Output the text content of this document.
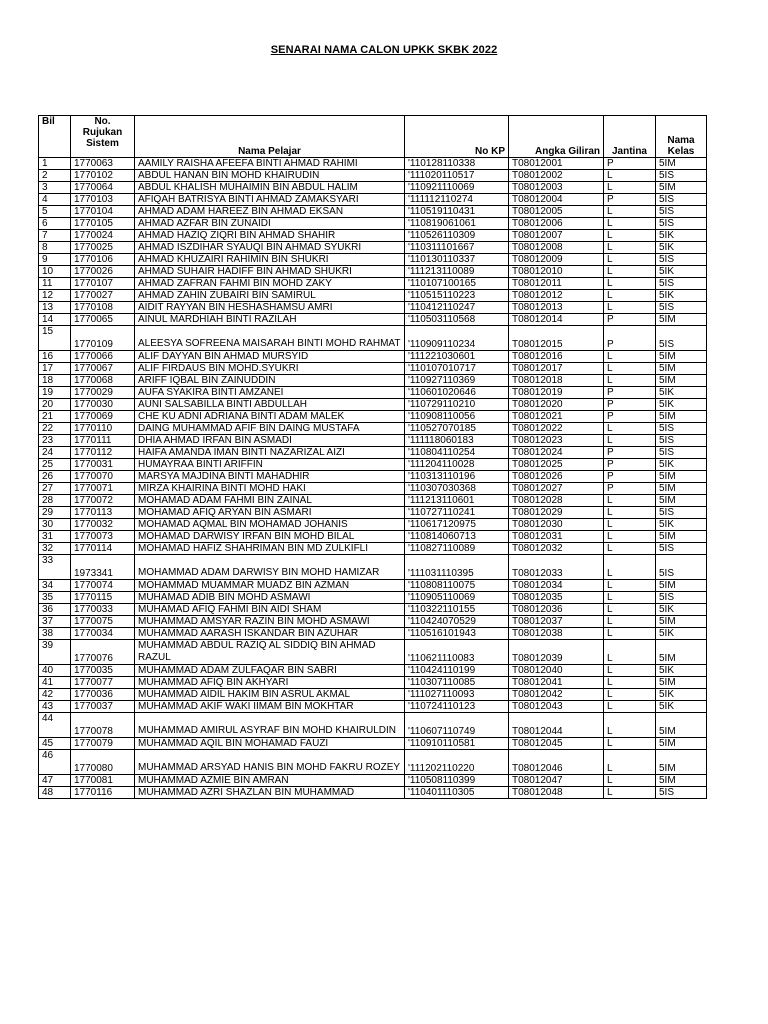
SENARAI NAMA CALON UPKK SKBK 2022
Bil	No.
Rujukan
Sistem	Nama Pelajar	No KP	Angka Giliran	Jantina	Nama
Kelas

1	1770063	AAMILY RAISHA AFEEFA BINTI AHMAD RAHIMI	'110128110338	T08012001	P	5IM
2	1770102	ABDUL HANAN BIN MOHD KHAIRUDIN	'111020110517	T08012002	L	5IS
3	1770064	ABDUL KHALISH MUHAIMIN BIN ABDUL HALIM	'110921110069	T08012003	L	5IM
4	1770103	AFIQAH BATRISYA BINTI AHMAD ZAMAKSYARI	'111112110274	T08012004	P	5IS
5	1770104	AHMAD ADAM HAREEZ BIN AHMAD EKSAN	'110519110431	T08012005	L	5IS
6	1770105	AHMAD AZFAR BIN ZUNAIDI	'110819061061	T08012006	L	5IS
7	1770024	AHMAD HAZIQ ZIQRI BIN AHMAD SHAHIR	'110526110309	T08012007	L	5IK
8	1770025	AHMAD ISZDIHAR SYAUQI BIN AHMAD SYUKRI	'110311101667	T08012008	L	5IK
9	1770106	AHMAD KHUZAIRI RAHIMIN BIN SHUKRI	'110130110337	T08012009	L	5IS
10	1770026	AHMAD SUHAIR HADIFF BIN AHMAD SHUKRI	'111213110089	T08012010	L	5IK
11	1770107	AHMAD ZAFRAN FAHMI BIN MOHD ZAKY	'110107100165	T08012011	L	5IS
12	1770027	AHMAD ZAHIN ZUBAIRI BIN SAMIRUL	'110515110223	T08012012	L	5IK
13	1770108	AIDIT RAYYAN BIN HESHASHAMSU AMRI	'110412110247	T08012013	L	5IS
14	1770065	AINUL MARDHIAH BINTI RAZILAH	'110503110568	T08012014	P	5IM
15	1770109	ALEESYA SOFREENA MAISARAH BINTI MOHD RAHMAT	'110909110234	T08012015	P	5IS
16	1770066	ALIF DAYYAN BIN AHMAD MURSYID	'111221030601	T08012016	L	5IM
17	1770067	ALIF FIRDAUS BIN MOHD.SYUKRI	'110107010717	T08012017	L	5IM
18	1770068	ARIFF IQBAL BIN ZAINUDDIN	'110927110369	T08012018	L	5IM
19	1770029	AUFA SYAKIRA BINTI AMZANEI	'110601020646	T08012019	P	5IK
20	1770030	AUNI SALSABILLA BINTI ABDULLAH	'110729110210	T08012020	P	5IK
21	1770069	CHE KU ADNI ADRIANA BINTI ADAM MALEK	'110908110056	T08012021	P	5IM
22	1770110	DAING MUHAMMAD AFIF BIN DAING MUSTAFA	'110527070185	T08012022	L	5IS
23	1770111	DHIA AHMAD IRFAN BIN ASMADI	'111118060183	T08012023	L	5IS
24	1770112	HAIFA AMANDA IMAN BINTI NAZARIZAL AIZI	'110804110254	T08012024	P	5IS
25	1770031	HUMAYRAA BINTI ARIFFIN	'111204110028	T08012025	P	5IK
26	1770070	MARSYA MAJDINA BINTI MAHADHIR	'110313110196	T08012026	P	5IM
27	1770071	MIRZA KHAIRINA BINTI MOHD HAKI	'110307030368	T08012027	P	5IM
28	1770072	MOHAMAD ADAM FAHMI BIN ZAINAL	'111213110601	T08012028	L	5IM
29	1770113	MOHAMAD AFIQ ARYAN BIN ASMARI	'110727110241	T08012029	L	5IS
30	1770032	MOHAMAD AQMAL BIN MOHAMAD JOHANIS	'110617120975	T08012030	L	5IK
31	1770073	MOHAMAD DARWISY IRFAN BIN MOHD BILAL	'110814060713	T08012031	L	5IM
32	1770114	MOHAMAD HAFIZ SHAHRIMAN BIN MD ZULKIFLI	'110827110089	T08012032	L	5IS
33	1973341	MOHAMMAD ADAM DARWISY BIN MOHD HAMIZAR	'111031110395	T08012033	L	5IS
34	1770074	MOHAMMAD MUAMMAR MUADZ BIN AZMAN	'110808110075	T08012034	L	5IM
35	1770115	MUHAMAD ADIB BIN MOHD ASMAWI	'110905110069	T08012035	L	5IS
36	1770033	MUHAMAD AFIQ FAHMI BIN AIDI SHAM	'110322110155	T08012036	L	5IK
37	1770075	MUHAMMAD AMSYAR RAZIN BIN MOHD ASMAWI	'110424070529	T08012037	L	5IM
38	1770034	MUHAMMAD AARASH ISKANDAR BIN AZUHAR	'110516101943	T08012038	L	5IK
39	1770076	MUHAMMAD ABDUL RAZIQ AL SIDDIQ BIN AHMAD RAZUL	'110621110083	T08012039	L	5IM
40	1770035	MUHAMMAD ADAM ZULFAQAR BIN SABRI	'110424110199	T08012040	L	5IK
41	1770077	MUHAMMAD AFIQ BIN AKHYARI	'110307110085	T08012041	L	5IM
42	1770036	MUHAMMAD AIDIL HAKIM BIN ASRUL AKMAL	'111027110093	T08012042	L	5IK
43	1770037	MUHAMMAD AKIF WAKI IIMAM BIN MOKHTAR	'110724110123	T08012043	L	5IK
44	1770078	MUHAMMAD AMIRUL ASYRAF BIN MOHD KHAIRULDIN	'110607110749	T08012044	L	5IM
45	1770079	MUHAMMAD AQIL BIN MOHAMAD FAUZI	'110910110581	T08012045	L	5IM
46	1770080	MUHAMMAD ARSYAD HANIS BIN MOHD FAKRU ROZEY	'111202110220	T08012046	L	5IM
47	1770081	MUHAMMAD AZMIE BIN AMRAN	'110508110399	T08012047	L	5IM
48	1770116	MUHAMMAD AZRI SHAZLAN BIN MUHAMMAD	'110401110305	T08012048	L	5IS
